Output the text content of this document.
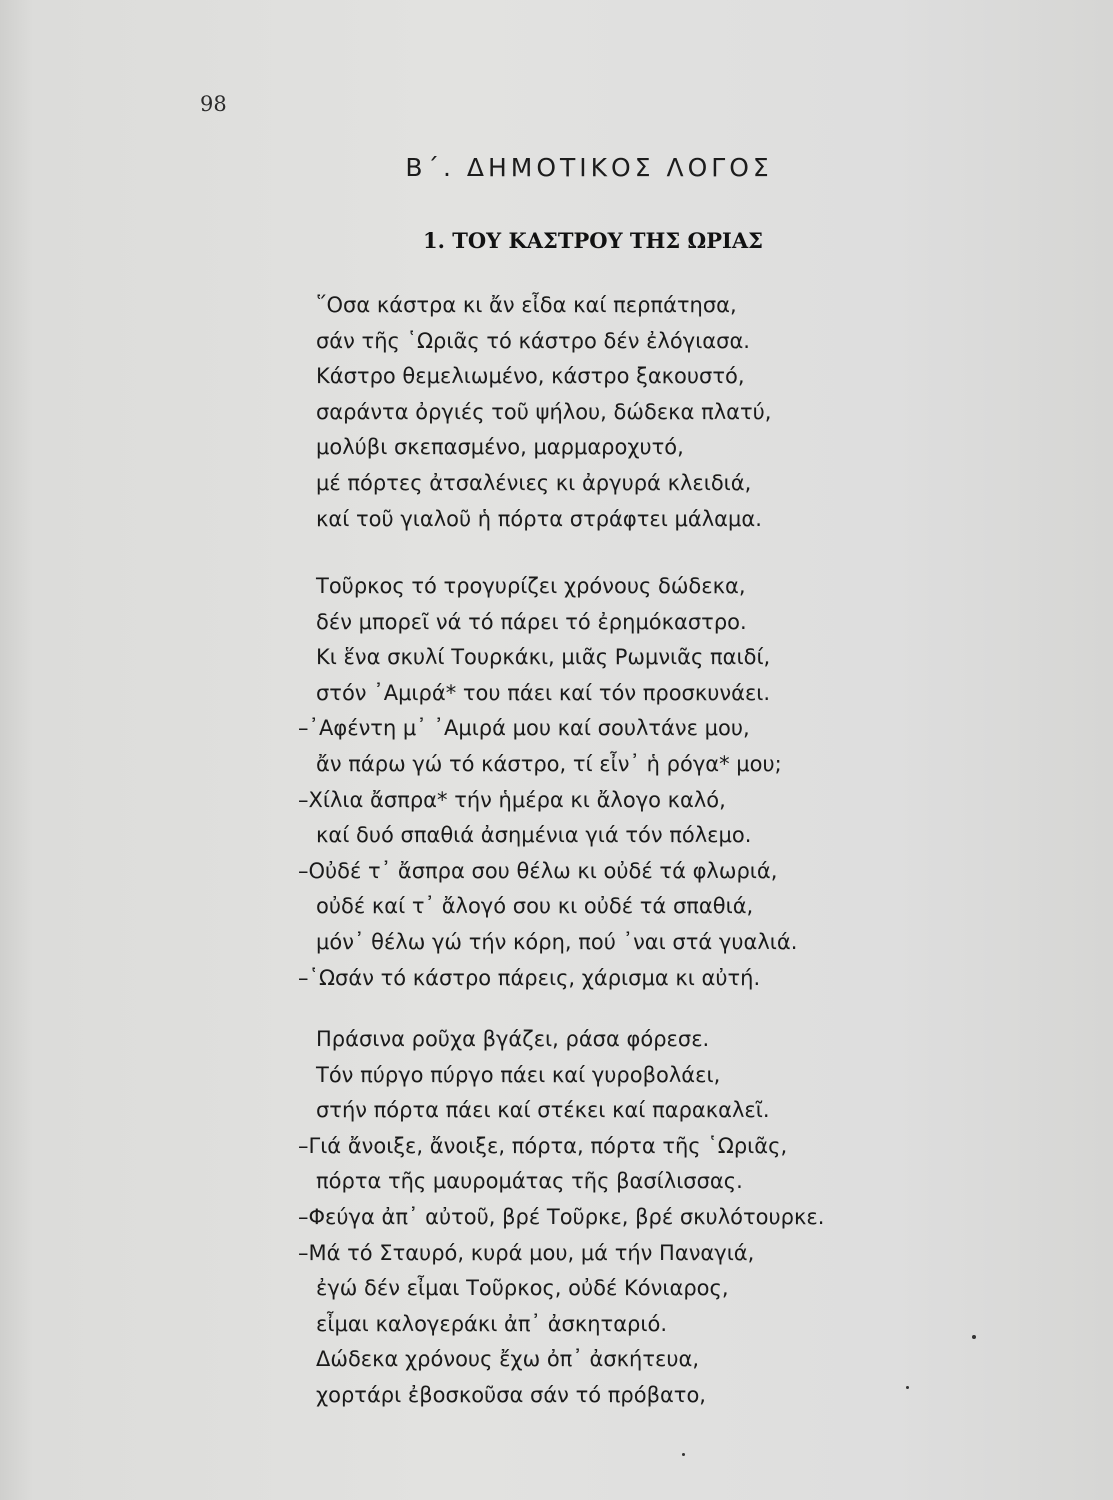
98
Β΄. ΔΗΜΟΤΙΚΟΣ ΛΟΓΟΣ
1. ΤΟΥ ΚΑΣΤΡΟΥ ΤΗΣ ΩΡΙΑΣ
῞Οσα κάστρα κι ἄν εἶδα καί περπάτησα,
σάν τῆς ῾Ωριᾶς τό κάστρο δέν ἐλόγιασα.
Κάστρο θεμελιωμένο, κάστρο ξακουστό,
σαράντα ὀργιές τοῦ ψήλου, δώδεκα πλατύ,
μολύβι σκεπασμένο, μαρμαροχυτό,
μέ πόρτες ἀτσαλένιες κι ἀργυρά κλειδιά,
καί τοῦ γιαλοῦ ἡ πόρτα στράφτει μάλαμα.
Τοῦρκος τό τρογυρίζει χρόνους δώδεκα,
δέν μπορεῖ νά τό πάρει τό ἐρημόκαστρο.
Κι ἕνα σκυλί Τουρκάκι, μιᾶς Ρωμνιᾶς παιδί,
στόν ᾽Αμιρά* του πάει καί τόν προσκυνάει.
–᾽Αφέντη μ᾽ ᾽Αμιρά μου καί σουλτάνε μου,
ἄν πάρω γώ τό κάστρο, τί εἶν᾽ ἡ ρόγα* μου;
–Χίλια ἄσπρα* τήν ἡμέρα κι ἄλογο καλό,
καί δυό σπαθιά ἀσημένια γιά τόν πόλεμο.
–Οὐδέ τ᾽ ἄσπρα σου θέλω κι οὐδέ τά φλωριά,
οὐδέ καί τ᾽ ἄλογό σου κι οὐδέ τά σπαθιά,
μόν᾽ θέλω γώ τήν κόρη, πού ᾽ναι στά γυαλιά.
–῾Ωσάν τό κάστρο πάρεις, χάρισμα κι αὐτή.
Πράσινα ροῦχα βγάζει, ράσα φόρεσε.
Τόν πύργο πύργο πάει καί γυροβολάει,
στήν πόρτα πάει καί στέκει καί παρακαλεῖ.
–Γιά ἄνοιξε, ἄνοιξε, πόρτα, πόρτα τῆς ῾Ωριᾶς,
πόρτα τῆς μαυρομάτας τῆς βασίλισσας.
–Φεύγα ἀπ᾽ αὐτοῦ, βρέ Τοῦρκε, βρέ σκυλότουρκε.
–Μά τό Σταυρό, κυρά μου, μά τήν Παναγιά,
ἐγώ δέν εἶμαι Τοῦρκος, οὐδέ Κόνιαρος,
εἶμαι καλογεράκι ἀπ᾽ ἀσκηταριό.
Δώδεκα χρόνους ἔχω ὀπ᾽ ἀσκήτευα,
χορτάρι ἐβοσκοῦσα σάν τό πρόβατο,
